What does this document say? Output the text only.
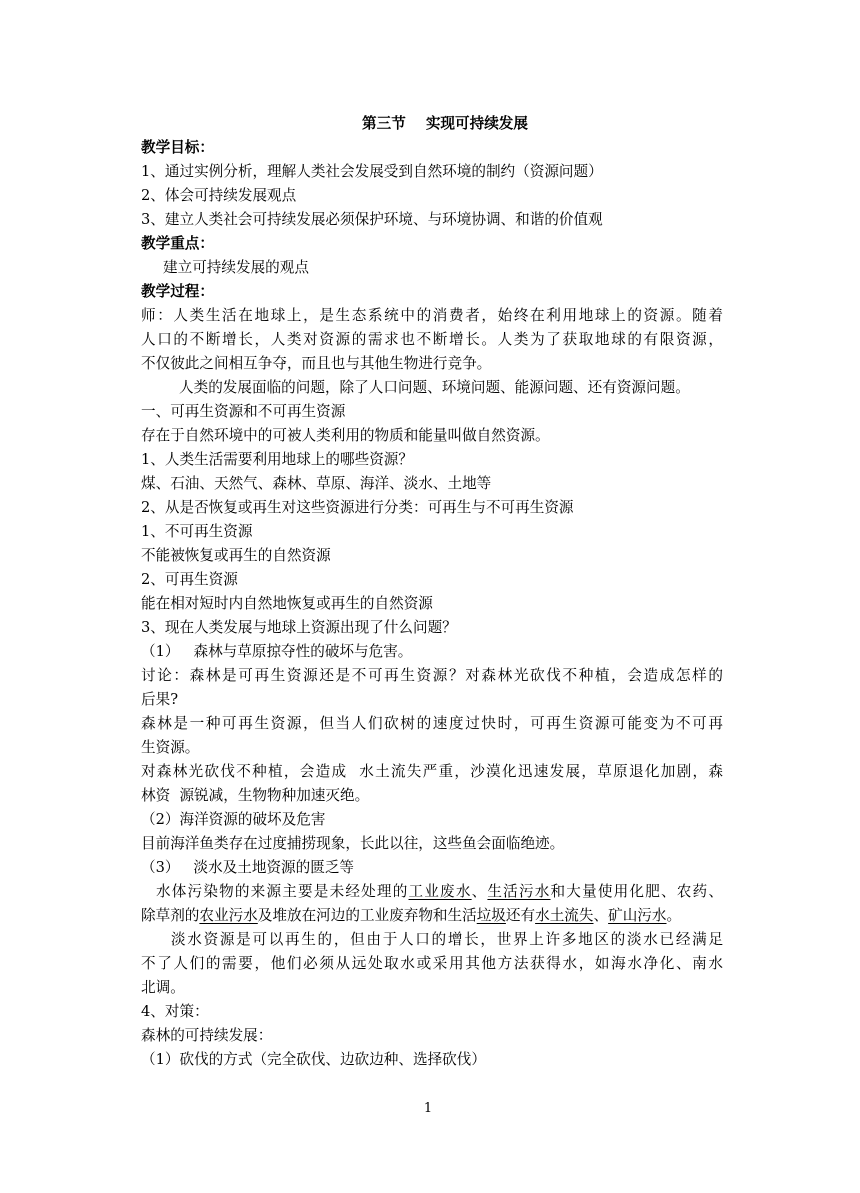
第三节 实现可持续发展
教学目标：
1、通过实例分析，理解人类社会发展受到自然环境的制约（资源问题）
2、体会可持续发展观点
3、建立人类社会可持续发展必须保护环境、与环境协调、和谐的价值观
教学重点：
建立可持续发展的观点
教学过程：
师：人类生活在地球上，是生态系统中的消费者，始终在利用地球上的资源。随着
人口的不断增长，人类对资源的需求也不断增长。人类为了获取地球的有限资源，
不仅彼此之间相互争夺，而且也与其他生物进行竞争。
人类的发展面临的问题，除了人口问题、环境问题、能源问题、还有资源问题。
一、可再生资源和不可再生资源
存在于自然环境中的可被人类利用的物质和能量叫做自然资源。
1、人类生活需要利用地球上的哪些资源？
煤、石油、天然气、森林、草原、海洋、淡水、土地等
2、从是否恢复或再生对这些资源进行分类：可再生与不可再生资源
1、不可再生资源
不能被恢复或再生的自然资源
2、可再生资源
能在相对短时内自然地恢复或再生的自然资源
3、现在人类发展与地球上资源出现了什么问题？
（1） 森林与草原掠夺性的破坏与危害。
讨论：森林是可再生资源还是不可再生资源？对森林光砍伐不种植，会造成怎样的
后果?
森林是一种可再生资源，但当人们砍树的速度过快时，可再生资源可能变为不可再
生资源。
对森林光砍伐不种植，会造成  水土流失严重，沙漠化迅速发展，草原退化加剧，森
林资  源锐减，生物物种加速灭绝。
（2）海洋资源的破坏及危害
目前海洋鱼类存在过度捕捞现象，长此以往，这些鱼会面临绝迹。
（3） 淡水及土地资源的匮乏等
水体污染物的来源主要是未经处理的工业废水、生活污水和大量使用化肥、农药、
除草剂的农业污水及堆放在河边的工业废弃物和生活垃圾还有水土流失、矿山污水。
淡水资源是可以再生的，但由于人口的增长，世界上许多地区的淡水已经满足
不了人们的需要，他们必须从远处取水或采用其他方法获得水，如海水净化、南水
北调。
4、对策：
森林的可持续发展：
（1）砍伐的方式（完全砍伐、边砍边种、选择砍伐）
1
